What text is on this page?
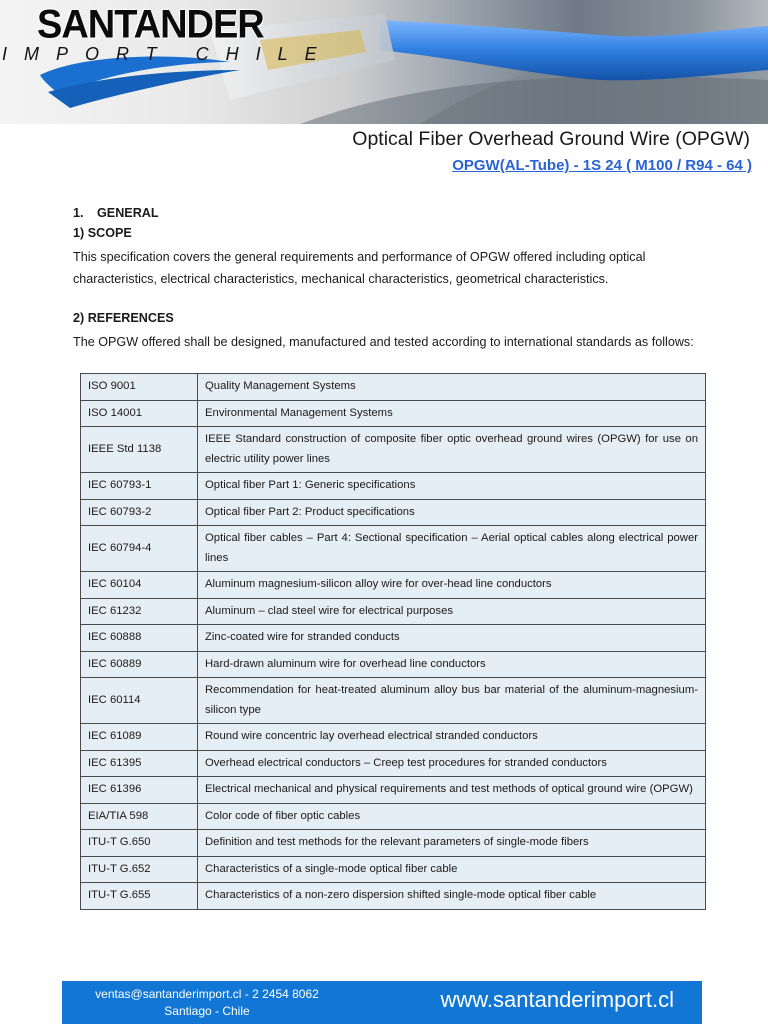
SANTANDER
IMPORT CHILE
Optical Fiber Overhead Ground Wire (OPGW)
OPGW(AL-Tube) - 1S 24 ( M100 / R94 - 64 )
1. GENERAL
1) SCOPE
This specification covers the general requirements and performance of OPGW offered including optical characteristics, electrical characteristics, mechanical characteristics, geometrical characteristics.
2) REFERENCES
The OPGW offered shall be designed, manufactured and tested according to international standards as follows:
ISO 9001	Quality Management Systems
ISO 14001	Environmental Management Systems
IEEE Std 1138	IEEE Standard construction of composite fiber optic overhead ground wires (OPGW) for use on electric utility power lines
IEC 60793-1	Optical fiber Part 1: Generic specifications
IEC 60793-2	Optical fiber Part 2: Product specifications
IEC 60794-4	Optical fiber cables – Part 4: Sectional specification – Aerial optical cables along electrical power lines
IEC 60104	Aluminum magnesium-silicon alloy wire for over-head line conductors
IEC 61232	Aluminum – clad steel wire for electrical purposes
IEC 60888	Zinc-coated wire for stranded conducts
IEC 60889	Hard-drawn aluminum wire for overhead line conductors
IEC 60114	Recommendation for heat-treated aluminum alloy bus bar material of the aluminum-magnesium-silicon type
IEC 61089	Round wire concentric lay overhead electrical stranded conductors
IEC 61395	Overhead electrical conductors – Creep test procedures for stranded conductors
IEC 61396	Electrical mechanical and physical requirements and test methods of optical ground wire (OPGW)
EIA/TIA 598	Color code of fiber optic cables
ITU-T G.650	Definition and test methods for the relevant parameters of single-mode fibers
ITU-T G.652	Characteristics of a single-mode optical fiber cable
ITU-T G.655	Characteristics of a non-zero dispersion shifted single-mode optical fiber cable
ventas@santanderimport.cl - 2 2454 8062
Santiago - Chile	www.santanderimport.cl
